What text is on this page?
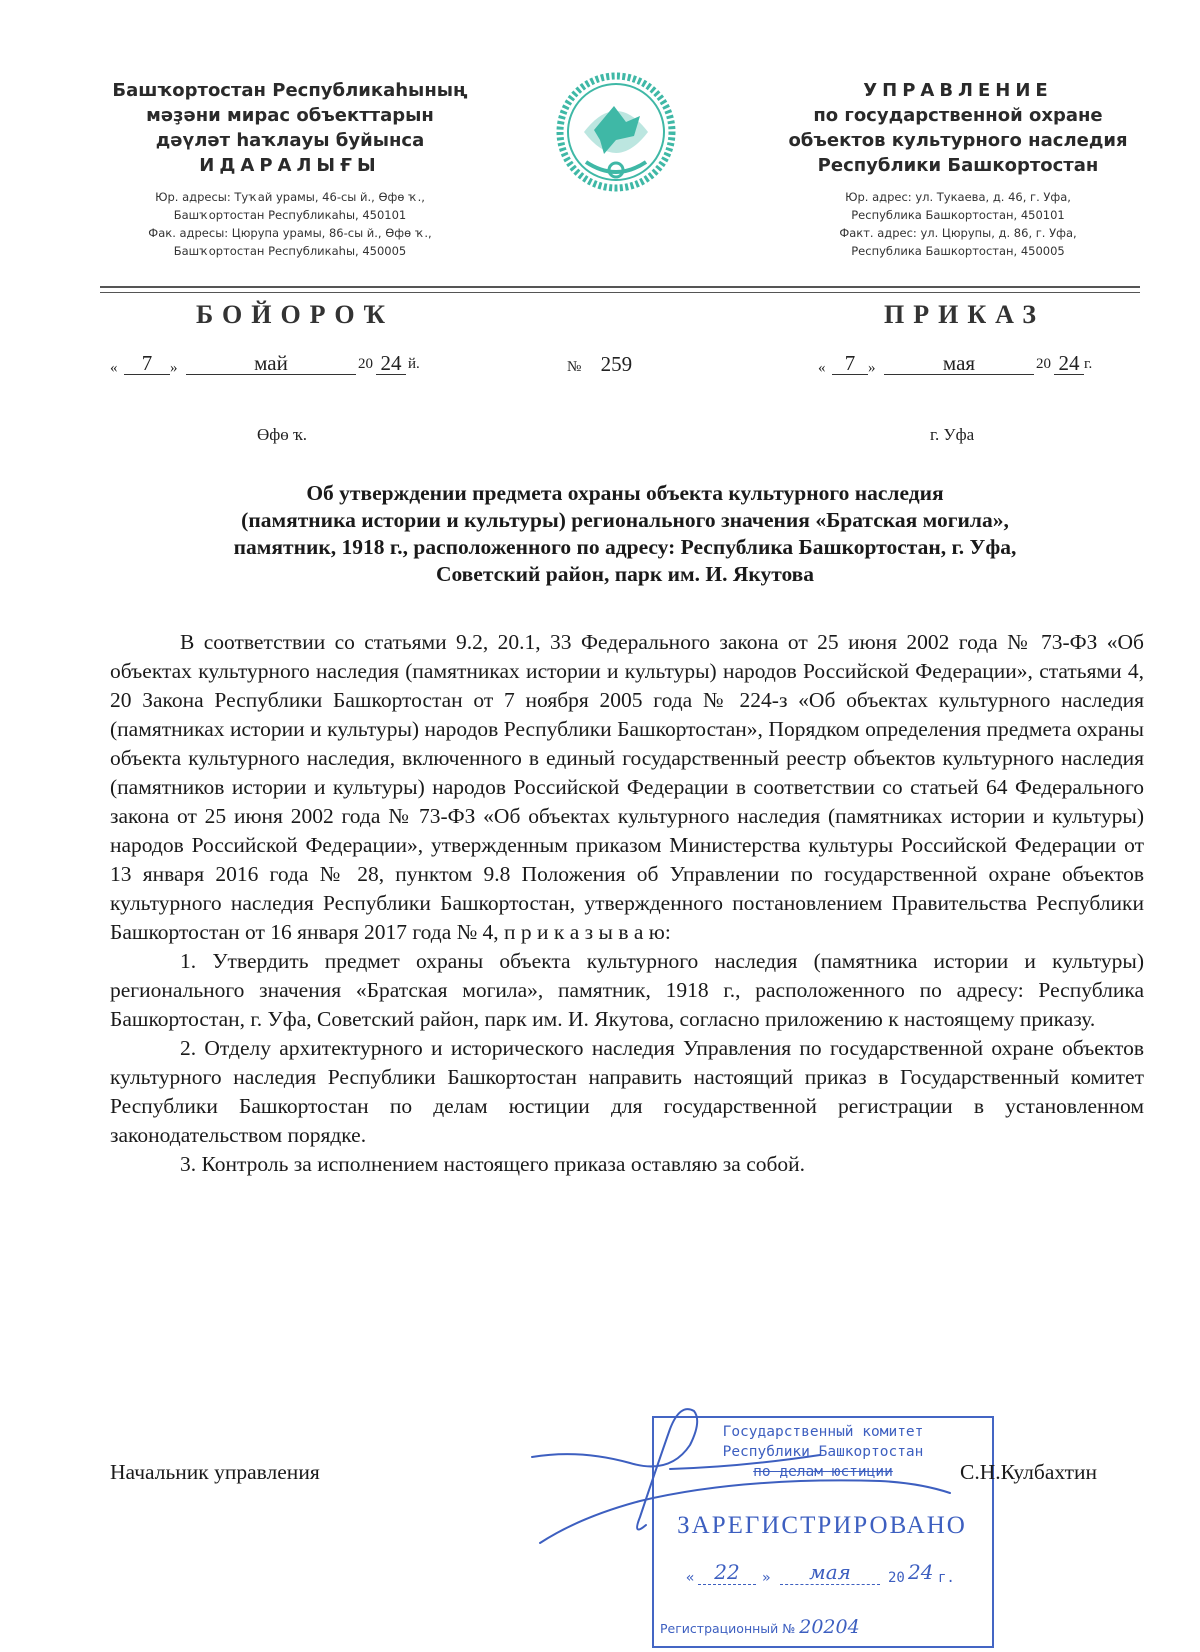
Башҡортостан Республикаһының
мәҙәни мирас объекттарын
дәүләт һаҡлауы буйынса
ИДАРАЛЫҒЫ
Юр. адресы: Туҡай урамы, 46-сы й., Өфө ҡ.,
Башҡортостан Республикаһы, 450101
Фак. адресы: Цюрупа урамы, 86-сы й., Өфө ҡ.,
Башҡортостан Республикаһы, 450005
УПРАВЛЕНИЕ
по государственной охране
объектов культурного наследия
Республики Башкортостан
Юр. адрес: ул. Тукаева, д. 46, г. Уфа,
Республика Башкортостан, 450101
Факт. адрес: ул. Цюрупы, д. 86, г. Уфа,
Республика Башкортостан, 450005
БОЙОРОҠ	ПРИКАЗ
«	7	»	май	20 24 й.	№ 259	« 7 »	мая	20 24 г.
Өфө ҡ.	г. Уфа
Об утверждении предмета охраны объекта культурного наследия
(памятника истории и культуры) регионального значения «Братская могила»,
памятник, 1918 г., расположенного по адресу: Республика Башкортостан, г. Уфа,
Советский район, парк им. И. Якутова

В соответствии со статьями 9.2, 20.1, 33 Федерального закона от 25 июня 2002 года № 73-ФЗ «Об объектах культурного наследия (памятниках истории и культуры) народов Российской Федерации», статьями 4, 20 Закона Республики Башкортостан от 7 ноября 2005 года № 224-з «Об объектах культурного наследия (памятниках истории и культуры) народов Республики Башкортостан», Порядком определения предмета охраны объекта культурного наследия, включенного в единый государственный реестр объектов культурного наследия (памятников истории и культуры) народов Российской Федерации в соответствии со статьей 64 Федерального закона от 25 июня 2002 года № 73-ФЗ «Об объектах культурного наследия (памятниках истории и культуры) народов Российской Федерации», утвержденным приказом Министерства культуры Российской Федерации от 13 января 2016 года № 28, пунктом 9.8 Положения об Управлении по государственной охране объектов культурного наследия Республики Башкортостан, утвержденного постановлением Правительства Республики Башкортостан от 16 января 2017 года № 4, п р и к а з ы в а ю:

1. Утвердить предмет охраны объекта культурного наследия (памятника истории и культуры) регионального значения «Братская могила», памятник, 1918 г., расположенного по адресу: Республика Башкортостан, г. Уфа, Советский район, парк им. И. Якутова, согласно приложению к настоящему приказу.

2. Отделу архитектурного и исторического наследия Управления по государственной охране объектов культурного наследия Республики Башкортостан направить настоящий приказ в Государственный комитет Республики Башкортостан по делам юстиции для государственной регистрации в установленном законодательством порядке.

3. Контроль за исполнением настоящего приказа оставляю за собой.

Начальник управления
Государственный комитет
Республики Башкортостан
по делам юстиции
ЗАРЕГИСТРИРОВАНО
« 22	»	мая	20 24 г.
Регистрационный № 20204
С.Н.Кулбахтин
